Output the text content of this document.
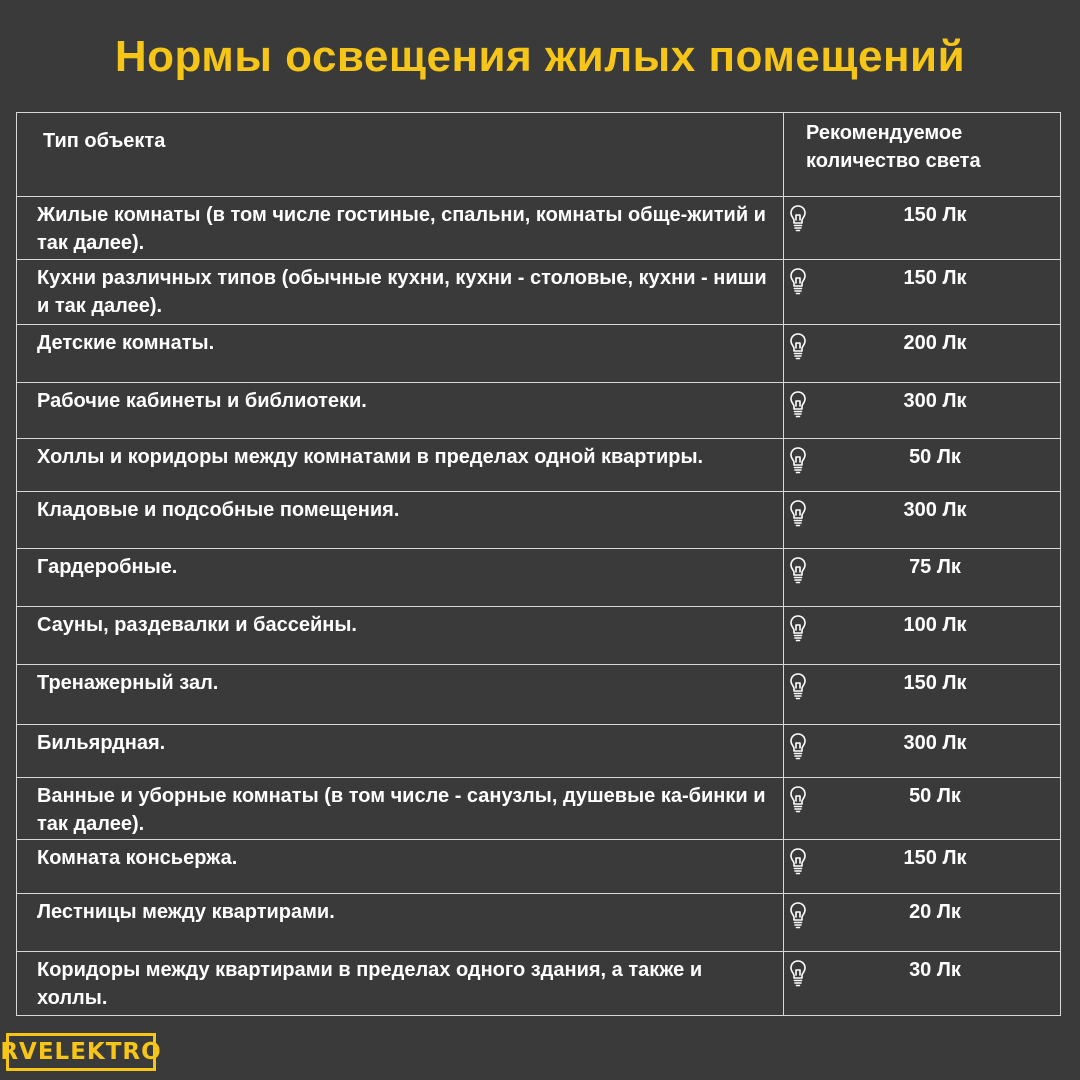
Нормы освещения жилых помещений
Тип объекта	Рекомендуемое количество света
Жилые комнаты (в том числе гостиные, спальни, комнаты обще-житий и так далее).	150 Лк
Кухни различных типов (обычные кухни, кухни - столовые, кухни - ниши и так далее).	150 Лк
Детские комнаты.	200 Лк
Рабочие кабинеты и библиотеки.	300 Лк
Холлы и коридоры между комнатами в пределах одной квартиры.	50 Лк
Кладовые и подсобные помещения.	300 Лк
Гардеробные.	75 Лк
Сауны, раздевалки и бассейны.	100 Лк
Тренажерный зал.	150 Лк
Бильярдная.	300 Лк
Ванные и уборные комнаты (в том числе - санузлы, душевые ка-бинки и так далее).	50 Лк
Комната консьержа.	150 Лк
Лестницы между квартирами.	20 Лк
Коридоры между квартирами в пределах одного здания, а также и холлы.	30 Лк
RVELEKTRO
